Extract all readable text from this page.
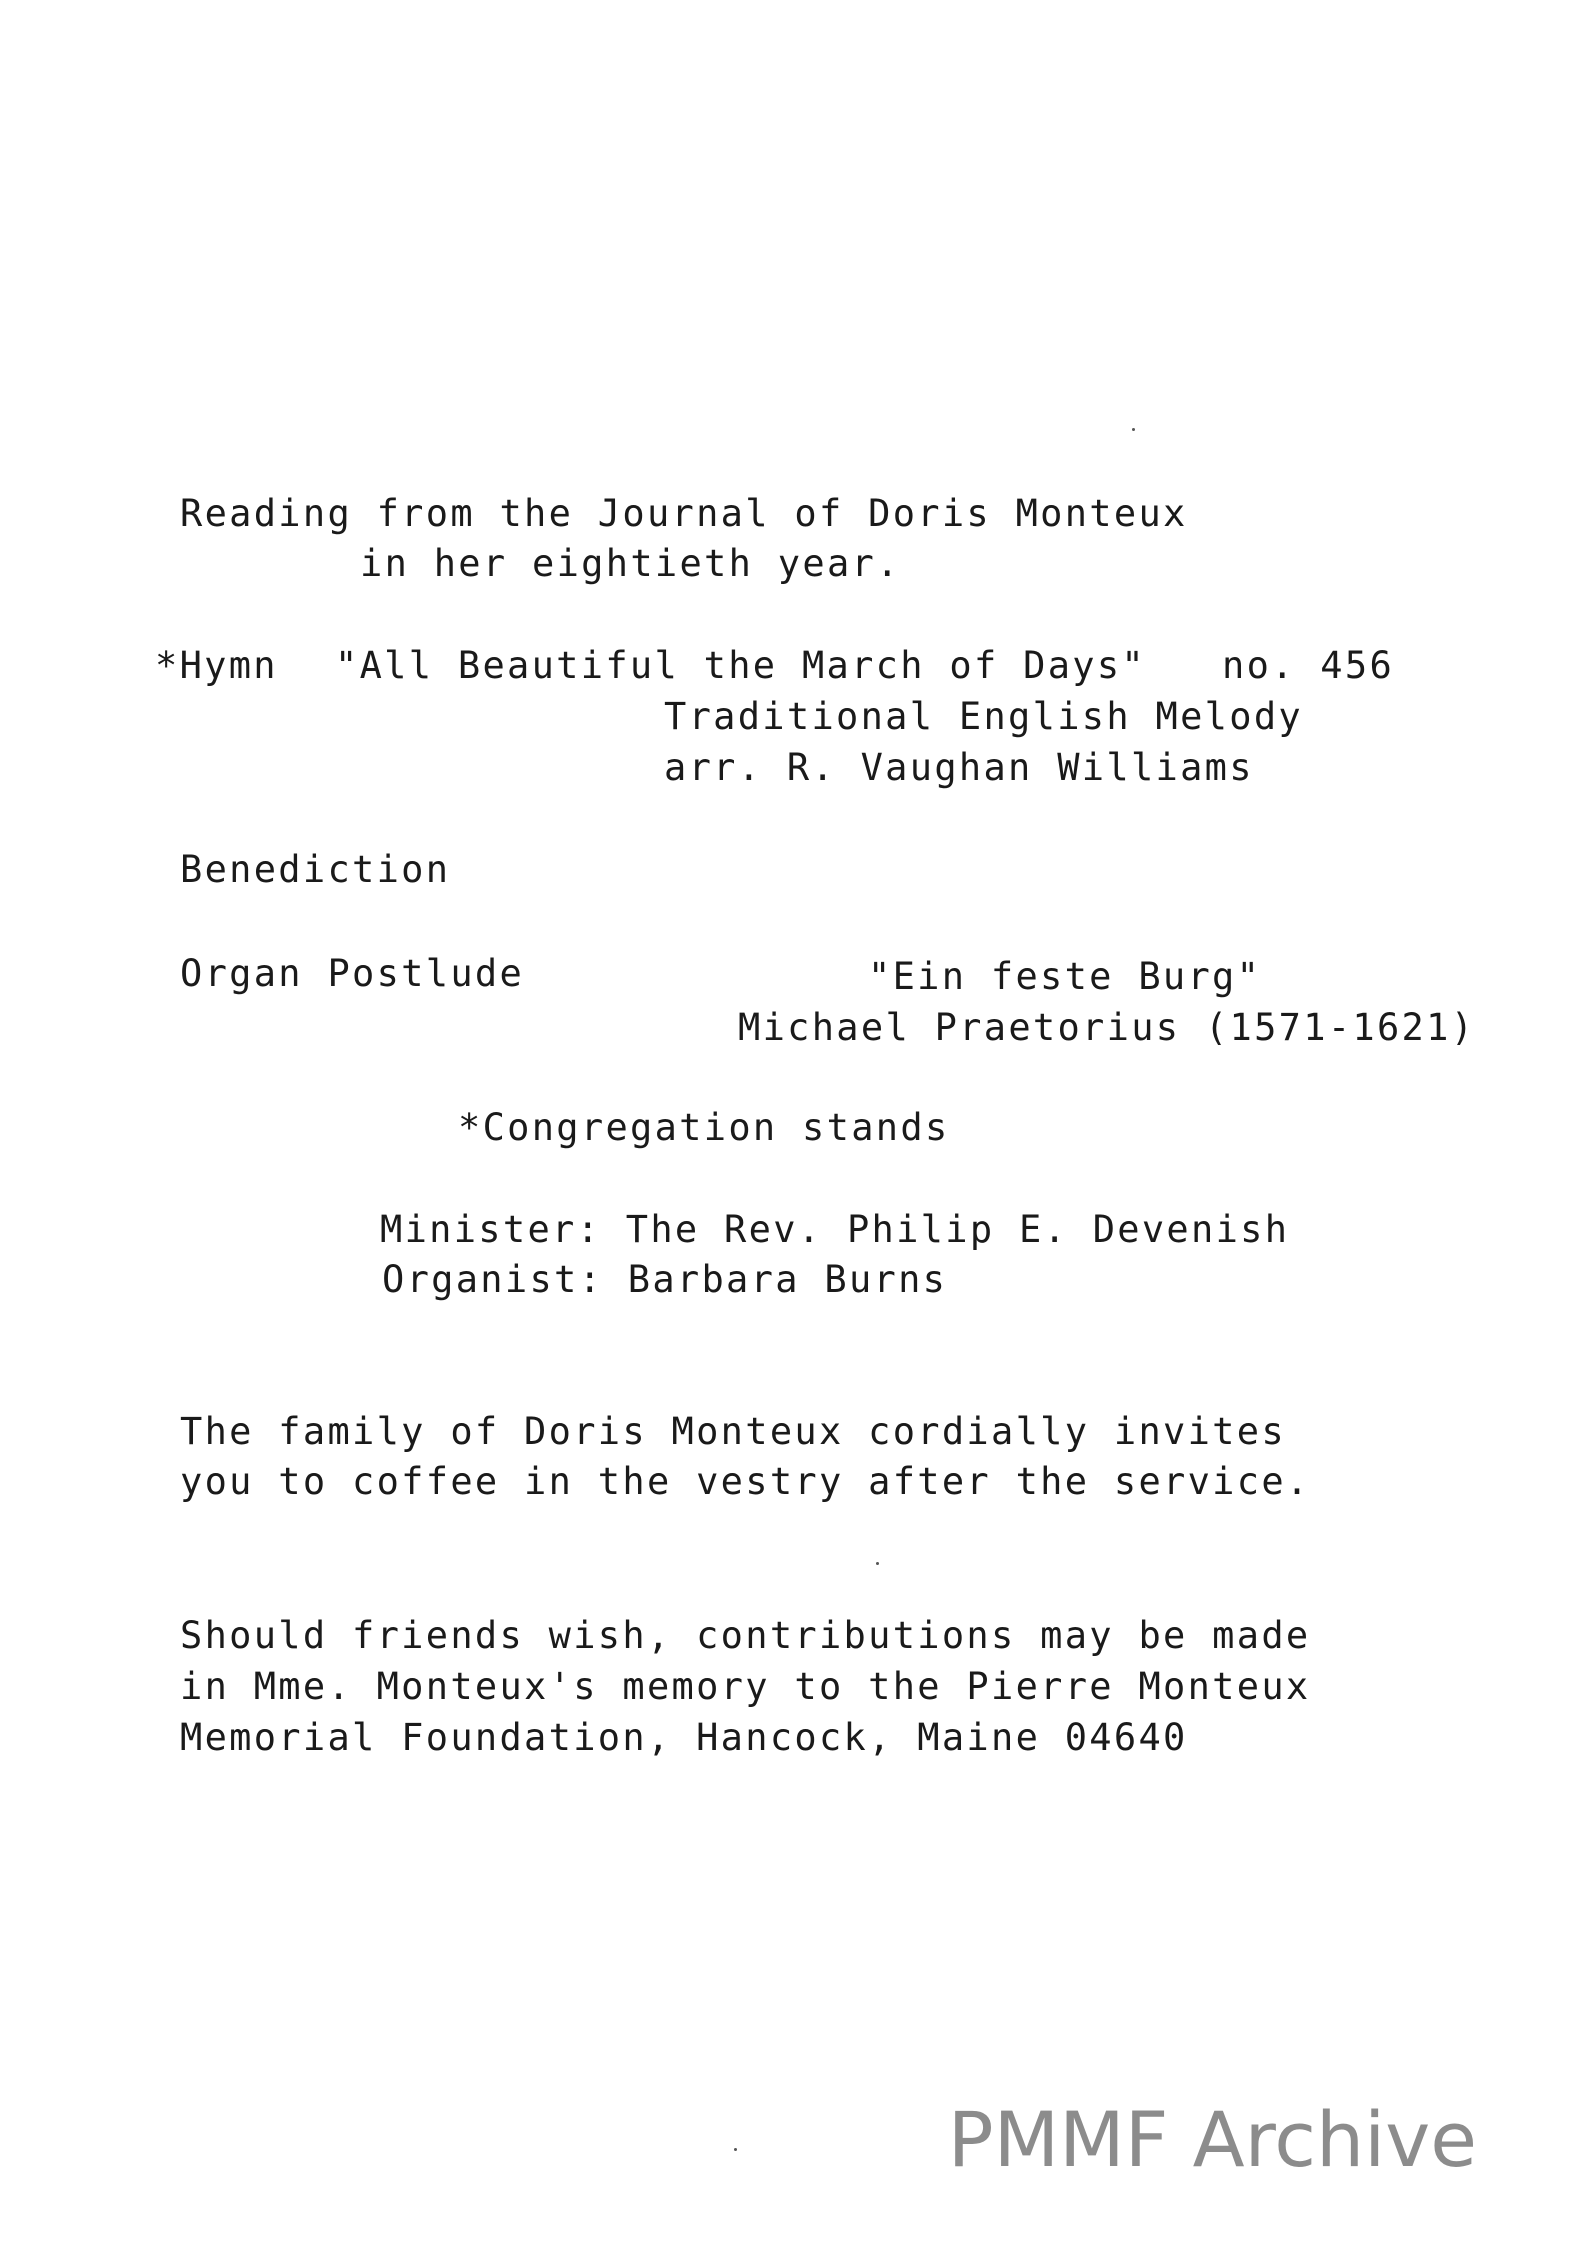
Reading from the Journal of Doris Monteux
in her eightieth year.
*Hymn "All Beautiful the March of Days" no. 456
Traditional English Melody
arr. R. Vaughan Williams
Benediction
Organ Postlude	"Ein feste Burg"
Michael Praetorius (1571-1621)
*Congregation stands
Minister: The Rev. Philip E. Devenish
Organist: Barbara Burns
The family of Doris Monteux cordially invites
you to coffee in the vestry after the service.
Should friends wish, contributions may be made
in Mme. Monteux's memory to the Pierre Monteux
Memorial Foundation, Hancock, Maine 04640
PMMF Archive
